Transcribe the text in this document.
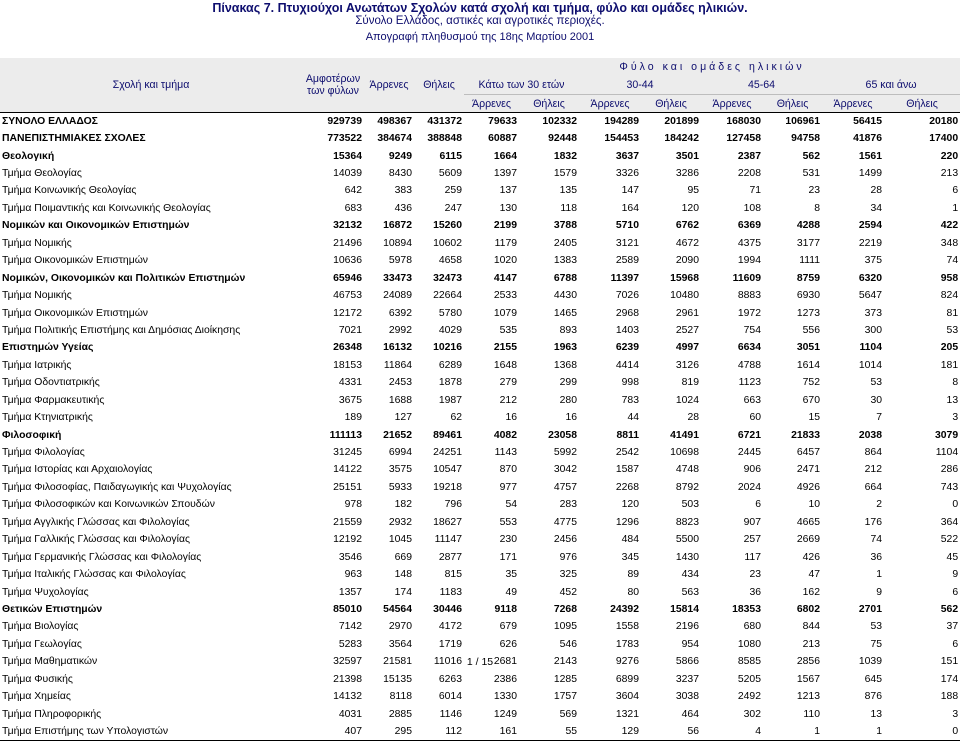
Πίνακας 7. Πτυχιούχοι Ανωτάτων Σχολών κατά σχολή και τμήμα, φύλο και ομάδες ηλικιών.
Σύνολο Ελλάδος, αστικές και αγροτικές περιοχές.
Απογραφή πληθυσμού της 18ης Μαρτίου 2001
Σχολή και τμήμα	Αμφοτέρων
των φύλων	Άρρενες	Θήλεις	Φύλο και ομάδες ηλικιών							
				Κάτω των 30 ετών		30-44		45-64		65 και άνω	
				Άρρενες	Θήλεις	Άρρενες	Θήλεις	Άρρενες	Θήλεις	Άρρενες	Θήλεις
ΣΥΝΟΛΟ ΕΛΛΑΔΟΣ	929739	498367	431372	79633	102332	194289	201899	168030	106961	56415	20180
ΠΑΝΕΠΙΣΤΗΜΙΑΚΕΣ ΣΧΟΛΕΣ	773522	384674	388848	60887	92448	154453	184242	127458	94758	41876	17400
Θεολογική	15364	9249	6115	1664	1832	3637	3501	2387	562	1561	220
Τμήμα Θεολογίας	14039	8430	5609	1397	1579	3326	3286	2208	531	1499	213
Τμήμα Κοινωνικής Θεολογίας	642	383	259	137	135	147	95	71	23	28	6
Τμήμα Ποιμαντικής και Κοινωνικής Θεολογίας	683	436	247	130	118	164	120	108	8	34	1
Νομικών και Οικονομικών Επιστημών	32132	16872	15260	2199	3788	5710	6762	6369	4288	2594	422
Τμήμα Νομικής	21496	10894	10602	1179	2405	3121	4672	4375	3177	2219	348
Τμήμα Οικονομικών Επιστημών	10636	5978	4658	1020	1383	2589	2090	1994	1111	375	74
Νομικών, Οικονομικών και Πολιτικών Επιστημών	65946	33473	32473	4147	6788	11397	15968	11609	8759	6320	958
Τμήμα Νομικής	46753	24089	22664	2533	4430	7026	10480	8883	6930	5647	824
Τμήμα Οικονομικών Επιστημών	12172	6392	5780	1079	1465	2968	2961	1972	1273	373	81
Τμήμα Πολιτικής Επιστήμης και Δημόσιας Διοίκησης	7021	2992	4029	535	893	1403	2527	754	556	300	53
Επιστημών Υγείας	26348	16132	10216	2155	1963	6239	4997	6634	3051	1104	205
Τμήμα Ιατρικής	18153	11864	6289	1648	1368	4414	3126	4788	1614	1014	181
Τμήμα Οδοντιατρικής	4331	2453	1878	279	299	998	819	1123	752	53	8
Τμήμα Φαρμακευτικής	3675	1688	1987	212	280	783	1024	663	670	30	13
Τμήμα Κτηνιατρικής	189	127	62	16	16	44	28	60	15	7	3
Φιλοσοφική	111113	21652	89461	4082	23058	8811	41491	6721	21833	2038	3079
Τμήμα Φιλολογίας	31245	6994	24251	1143	5992	2542	10698	2445	6457	864	1104
Τμήμα Ιστορίας και Αρχαιολογίας	14122	3575	10547	870	3042	1587	4748	906	2471	212	286
Τμήμα Φιλοσοφίας, Παιδαγωγικής και Ψυχολογίας	25151	5933	19218	977	4757	2268	8792	2024	4926	664	743
Τμήμα Φιλοσοφικών και Κοινωνικών Σπουδών	978	182	796	54	283	120	503	6	10	2	0
Τμήμα Αγγλικής Γλώσσας και Φιλολογίας	21559	2932	18627	553	4775	1296	8823	907	4665	176	364
Τμήμα Γαλλικής Γλώσσας και Φιλολογίας	12192	1045	11147	230	2456	484	5500	257	2669	74	522
Τμήμα Γερμανικής Γλώσσας και Φιλολογίας	3546	669	2877	171	976	345	1430	117	426	36	45
Τμήμα Ιταλικής Γλώσσας και Φιλολογίας	963	148	815	35	325	89	434	23	47	1	9
Τμήμα Ψυχολογίας	1357	174	1183	49	452	80	563	36	162	9	6
Θετικών Επιστημών	85010	54564	30446	9118	7268	24392	15814	18353	6802	2701	562
Τμήμα Βιολογίας	7142	2970	4172	679	1095	1558	2196	680	844	53	37
Τμήμα Γεωλογίας	5283	3564	1719	626	546	1783	954	1080	213	75	6
Τμήμα Μαθηματικών	32597	21581	11016	2681	2143	9276	5866	8585	2856	1039	151
Τμήμα Φυσικής	21398	15135	6263	2386	1285	6899	3237	5205	1567	645	174
Τμήμα Χημείας	14132	8118	6014	1330	1757	3604	3038	2492	1213	876	188
Τμήμα Πληροφορικής	4031	2885	1146	1249	569	1321	464	302	110	13	3
Τμήμα Επιστήμης των Υπολογιστών	407	295	112	161	55	129	56	4	1	1	0
1 / 15
